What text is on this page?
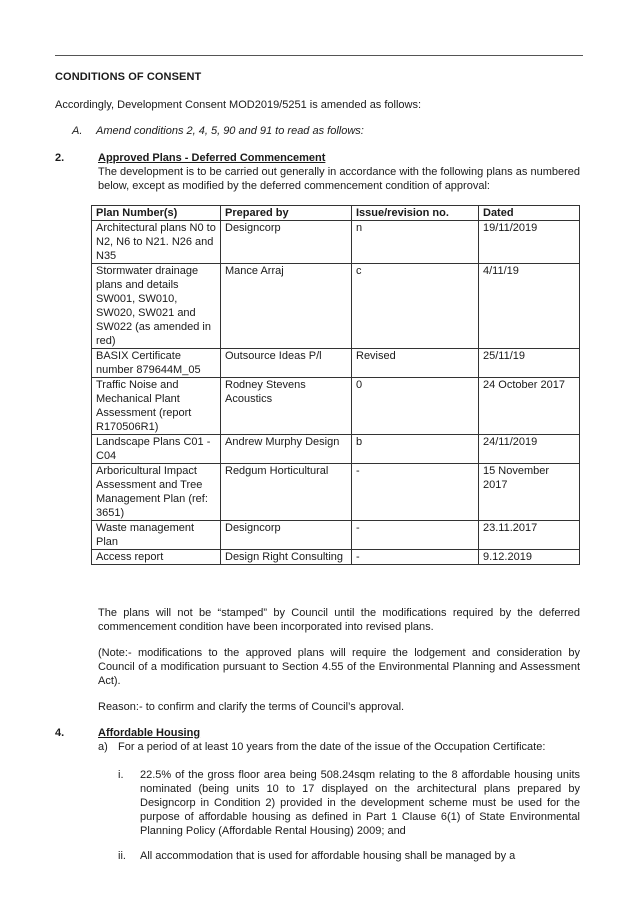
CONDITIONS OF CONSENT
Accordingly, Development Consent MOD2019/5251 is amended as follows:
A. Amend conditions 2, 4, 5, 90 and 91 to read as follows:
2.	Approved Plans - Deferred Commencement
The development is to be carried out generally in accordance with the following plans as numbered below, except as modified by the deferred commencement condition of approval:
Plan Number(s)	Prepared by	Issue/revision no.	Dated
Architectural plans N0 to N2, N6 to N21. N26 and N35	Designcorp	n	19/11/2019
Stormwater drainage plans and details SW001, SW010, SW020, SW021 and SW022 (as amended in red)	Mance Arraj	c	4/11/19
BASIX Certificate number 879644M_05	Outsource Ideas P/l	Revised	25/11/19
Traffic Noise and Mechanical Plant Assessment (report R170506R1)	Rodney Stevens Acoustics	0	24 October 2017
Landscape Plans C01 - C04	Andrew Murphy Design	b	24/11/2019
Arboricultural Impact Assessment and Tree Management Plan (ref: 3651)	Redgum Horticultural	-	15 November 2017
Waste management Plan	Designcorp	-	23.11.2017
Access report	Design Right Consulting	-	9.12.2019
The plans will not be “stamped” by Council until the modifications required by the deferred commencement condition have been incorporated into revised plans.
(Note:- modifications to the approved plans will require the lodgement and consideration by Council of a modification pursuant to Section 4.55 of the Environmental Planning and Assessment Act).
Reason:- to confirm and clarify the terms of Council’s approval.
4.	Affordable Housing
a) For a period of at least 10 years from the date of the issue of the Occupation Certificate:
i. 22.5% of the gross floor area being 508.24sqm relating to the 8 affordable housing units nominated (being units 10 to 17 displayed on the architectural plans prepared by Designcorp in Condition 2) provided in the development scheme must be used for the purpose of affordable housing as defined in Part 1 Clause 6(1) of State Environmental Planning Policy (Affordable Rental Housing) 2009; and
ii. All accommodation that is used for affordable housing shall be managed by a
